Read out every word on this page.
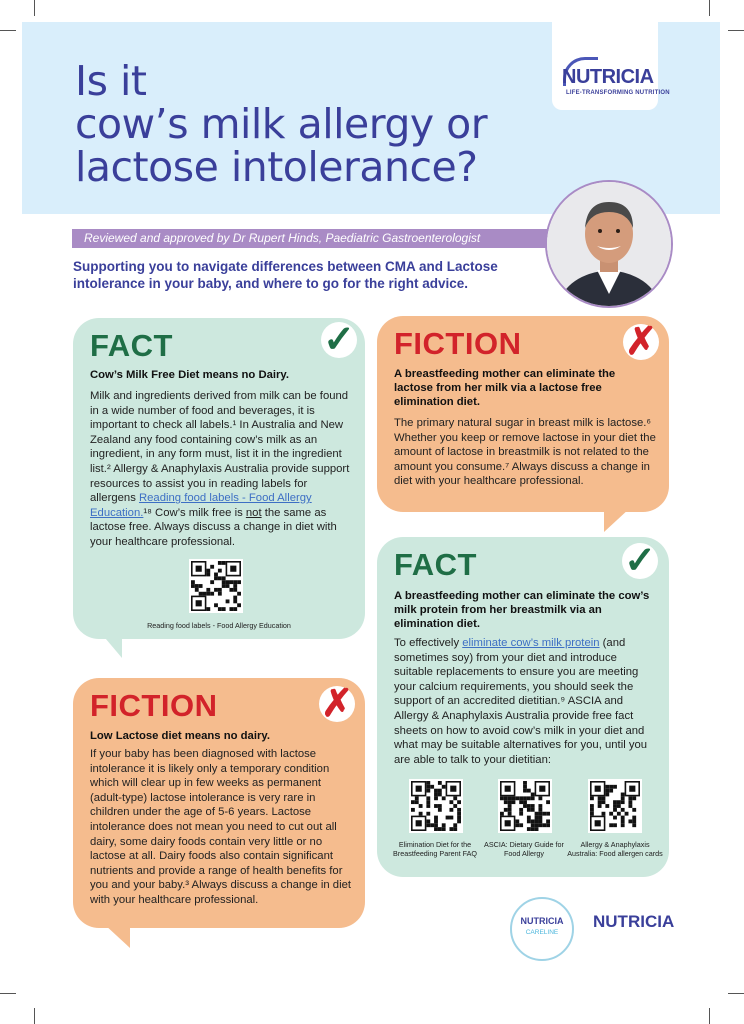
Is it
cow’s milk allergy or
lactose intolerance?
NUTRICIA
LIFE-TRANSFORMING NUTRITION
Reviewed and approved by Dr Rupert Hinds, Paediatric Gastroenterologist

Supporting you to navigate differences between CMA and Lactose intolerance in your baby, and where to go for the right advice.

FACT	✓

Cow’s Milk Free Diet means no Dairy.

Milk and ingredients derived from milk can be found in a wide number of food and beverages, it is important to check all labels.¹ In Australia and New Zealand any food containing cow’s milk as an ingredient, in any form must, list it in the ingredient list.² Allergy & Anaphylaxis Australia provide support resources to assist you in reading labels for allergens Reading food labels - Food Allergy Education.¹⁸ Cow’s milk free is not the same as lactose free. Always discuss a change in diet with your healthcare professional.

Reading food labels - Food Allergy Education
FICTION	✗

A breastfeeding mother can eliminate the lactose from her milk via a lactose free elimination diet.

The primary natural sugar in breast milk is lactose.⁶ Whether you keep or remove lactose in your diet the amount of lactose in breastmilk is not related to the amount you consume.⁷ Always discuss a change in diet with your healthcare professional.

FACT	✓

A breastfeeding mother can eliminate the cow’s milk protein from her breastmilk via an elimination diet.

To effectively eliminate cow’s milk protein (and sometimes soy) from your diet and introduce suitable replacements to ensure you are meeting your calcium requirements, you should seek the support of an accredited dietitian.⁹ ASCIA and Allergy & Anaphylaxis Australia provide free fact sheets on how to avoid cow’s milk in your diet and what may be suitable alternatives for you, until you are able to talk to your dietitian:

Elimination Diet for the Breastfeeding Parent FAQ
ASCIA: Dietary Guide for Food Allergy
Allergy & Anaphylaxis Australia: Food allergen cards
FICTION	✗

Low Lactose diet means no dairy.

If your baby has been diagnosed with lactose intolerance it is likely only a temporary condition which will clear up in few weeks as permanent (adult-type) lactose intolerance is very rare in children under the age of 5-6 years. Lactose intolerance does not mean you need to cut out all dairy, some dairy foods contain very little or no lactose at all. Dairy foods also contain significant nutrients and provide a range of health benefits for you and your baby.³ Always discuss a change in diet with your healthcare professional.

NUTRICIA
CARELINE
NUTRICIA
